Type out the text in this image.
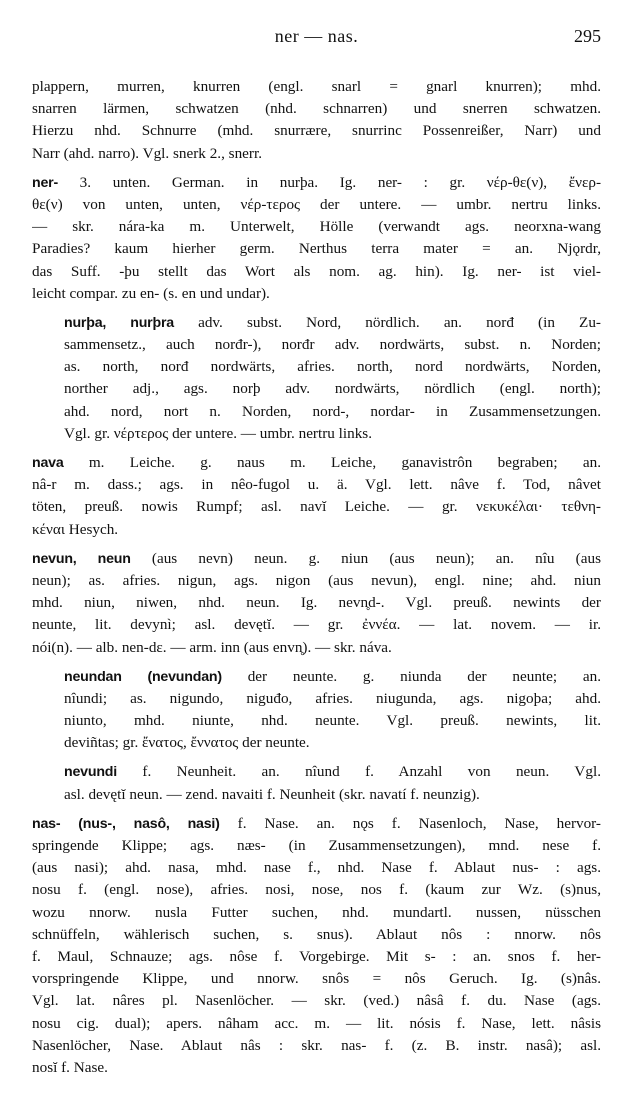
ner — nas.	295
plappern, murren, knurren (engl. snarl = gnarl knurren); mhd.
snarren lärmen, schwatzen (nhd. schnarren) und snerren schwatzen.
Hierzu nhd. Schnurre (mhd. snurrære, snurrinc Possenreißer, Narr) und
Narr (ahd. narro). Vgl. snerk 2., snerr.
ner- 3. unten. German. in nurþa. Ig. ner- : gr. νέρ-θε(ν), ἔνερ-
θε(ν) von unten, unten, νέρ-τερος der untere. — umbr. nertru links.
— skr. nára-ka m. Unterwelt, Hölle (verwandt ags. neorxna-wang
Paradies? kaum hierher germ. Nerthus terra mater = an. Njǫrdr,
das Suff. -þu stellt das Wort als nom. ag. hin). Ig. ner- ist viel-
leicht compar. zu en- (s. en und undar).
nurþa, nurþra adv. subst. Nord, nördlich. an. norđ (in Zu-
sammensetz., auch norđr-), norđr adv. nordwärts, subst. n. Norden;
as. north, norđ nordwärts, afries. north, nord nordwärts, Norden,
norther adj., ags. norþ adv. nordwärts, nördlich (engl. north);
ahd. nord, nort n. Norden, nord-, nordar- in Zusammensetzungen.
Vgl. gr. νέρτερος der untere. — umbr. nertru links.
nava m. Leiche. g. naus m. Leiche, ganavistrôn begraben; an.
nâ-r m. dass.; ags. in nêo-fugol u. ä. Vgl. lett. nâve f. Tod, nâvet
töten, preuß. nowis Rumpf; asl. navĭ Leiche. — gr. νεκυκέλαι· τεθνη-
κέναι Hesych.
nevun, neun (aus nevn) neun. g. niun (aus neun); an. nîu (aus
neun); as. afries. nigun, ags. nigon (aus nevun), engl. nine; ahd. niun
mhd. niun, niwen, nhd. neun. Ig. nevn̥d-. Vgl. preuß. newints der
neunte, lit. devynì; asl. devętĭ. — gr. ἐννέα. — lat. novem. — ir.
nói(n). — alb. nen-dε. — arm. inn (aus envn̥). — skr. náva.
neundan (nevundan) der neunte. g. niunda der neunte; an.
nîundi; as. nigundo, niguđo, afries. niugunda, ags. nigoþa; ahd.
niunto, mhd. niunte, nhd. neunte. Vgl. preuß. newints, lit.
deviñtas; gr. ἔνατος, ἔννατος der neunte.
nevundi f. Neunheit. an. nîund f. Anzahl von neun. Vgl.
asl. devętĭ neun. — zend. navaiti f. Neunheit (skr. navatí f. neunzig).
nas- (nus-, nasô, nasi) f. Nase. an. nǫs f. Nasenloch, Nase, hervor-
springende Klippe; ags. næs- (in Zusammensetzungen), mnd. nese f.
(aus nasi); ahd. nasa, mhd. nase f., nhd. Nase f. Ablaut nus- : ags.
nosu f. (engl. nose), afries. nosi, nose, nos f. (kaum zur Wz. (s)nus,
wozu nnorw. nusla Futter suchen, nhd. mundartl. nussen, nüsschen
schnüffeln, wählerisch suchen, s. snus). Ablaut nôs : nnorw. nôs
f. Maul, Schnauze; ags. nôse f. Vorgebirge. Mit s- : an. snos f. her-
vorspringende Klippe, und nnorw. snôs = nôs Geruch. Ig. (s)nâs.
Vgl. lat. nâres pl. Nasenlöcher. — skr. (ved.) nâsâ f. du. Nase (ags.
nosu cig. dual); apers. nâham acc. m. — lit. nósis f. Nase, lett. nâsis
Nasenlöcher, Nase. Ablaut nâs : skr. nas- f. (z. B. instr. nasâ); asl.
nosĭ f. Nase.
